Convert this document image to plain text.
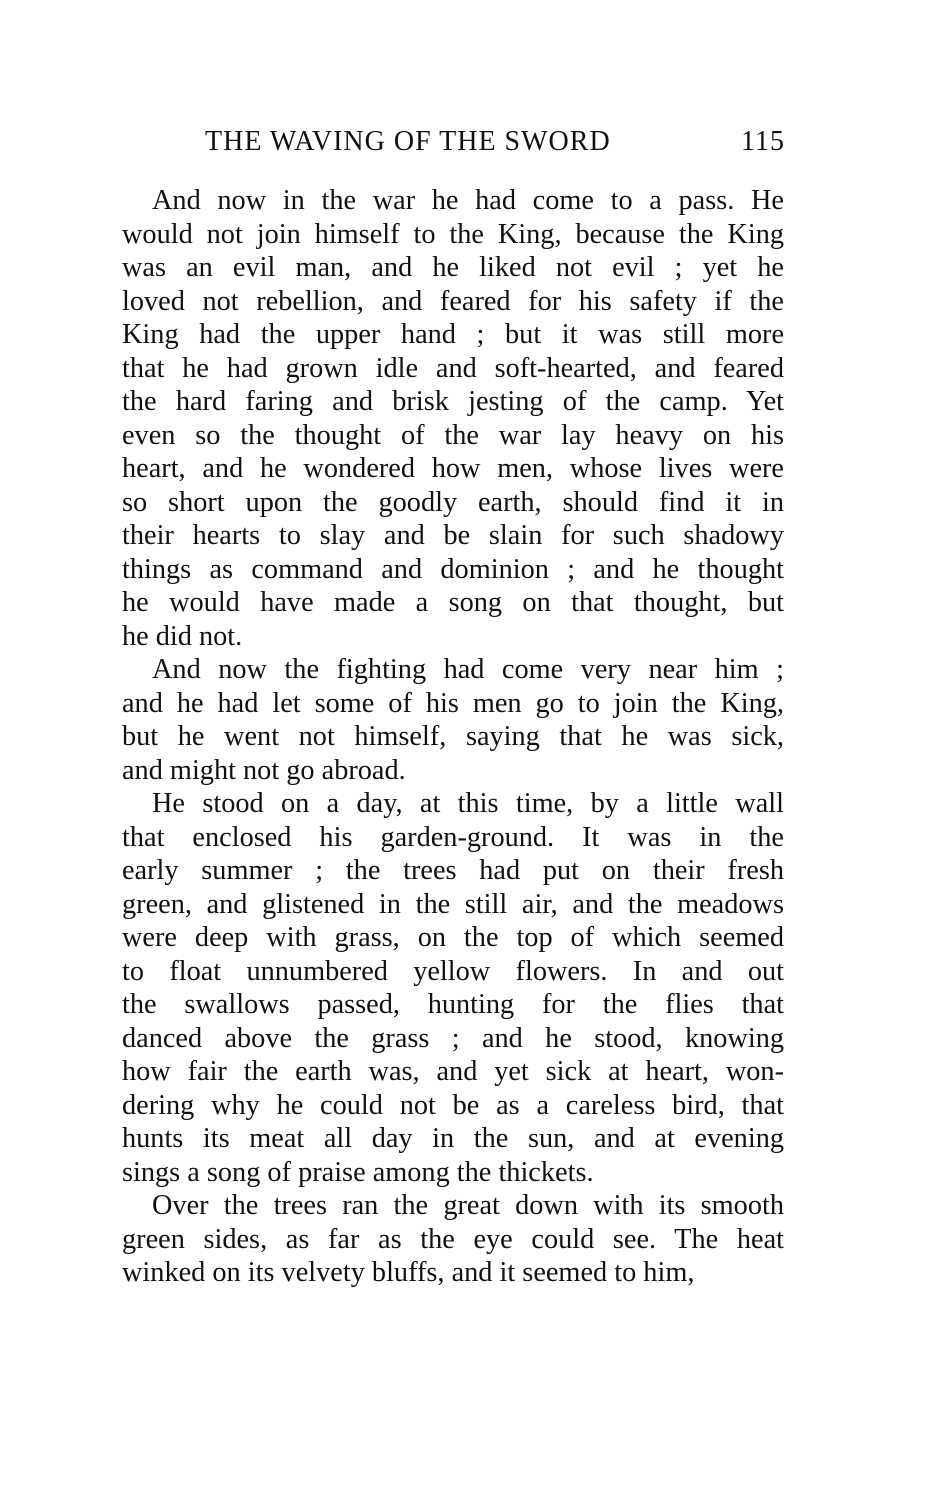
THE WAVING OF THE SWORD	115
And now in the war he had come to a pass. He
would not join himself to the King, because the King
was an evil man, and he liked not evil ; yet he
loved not rebellion, and feared for his safety if the
King had the upper hand ; but it was still more
that he had grown idle and soft-hearted, and feared
the hard faring and brisk jesting of the camp. Yet
even so the thought of the war lay heavy on his
heart, and he wondered how men, whose lives were
so short upon the goodly earth, should find it in
their hearts to slay and be slain for such shadowy
things as command and dominion ; and he thought
he would have made a song on that thought, but
he did not.
And now the fighting had come very near him ;
and he had let some of his men go to join the King,
but he went not himself, saying that he was sick,
and might not go abroad.
He stood on a day, at this time, by a little wall
that enclosed his garden-ground. It was in the
early summer ; the trees had put on their fresh
green, and glistened in the still air, and the meadows
were deep with grass, on the top of which seemed
to float unnumbered yellow flowers. In and out
the swallows passed, hunting for the flies that
danced above the grass ; and he stood, knowing
how fair the earth was, and yet sick at heart, won-
dering why he could not be as a careless bird, that
hunts its meat all day in the sun, and at evening
sings a song of praise among the thickets.
Over the trees ran the great down with its smooth
green sides, as far as the eye could see. The heat
winked on its velvety bluffs, and it seemed to him,
